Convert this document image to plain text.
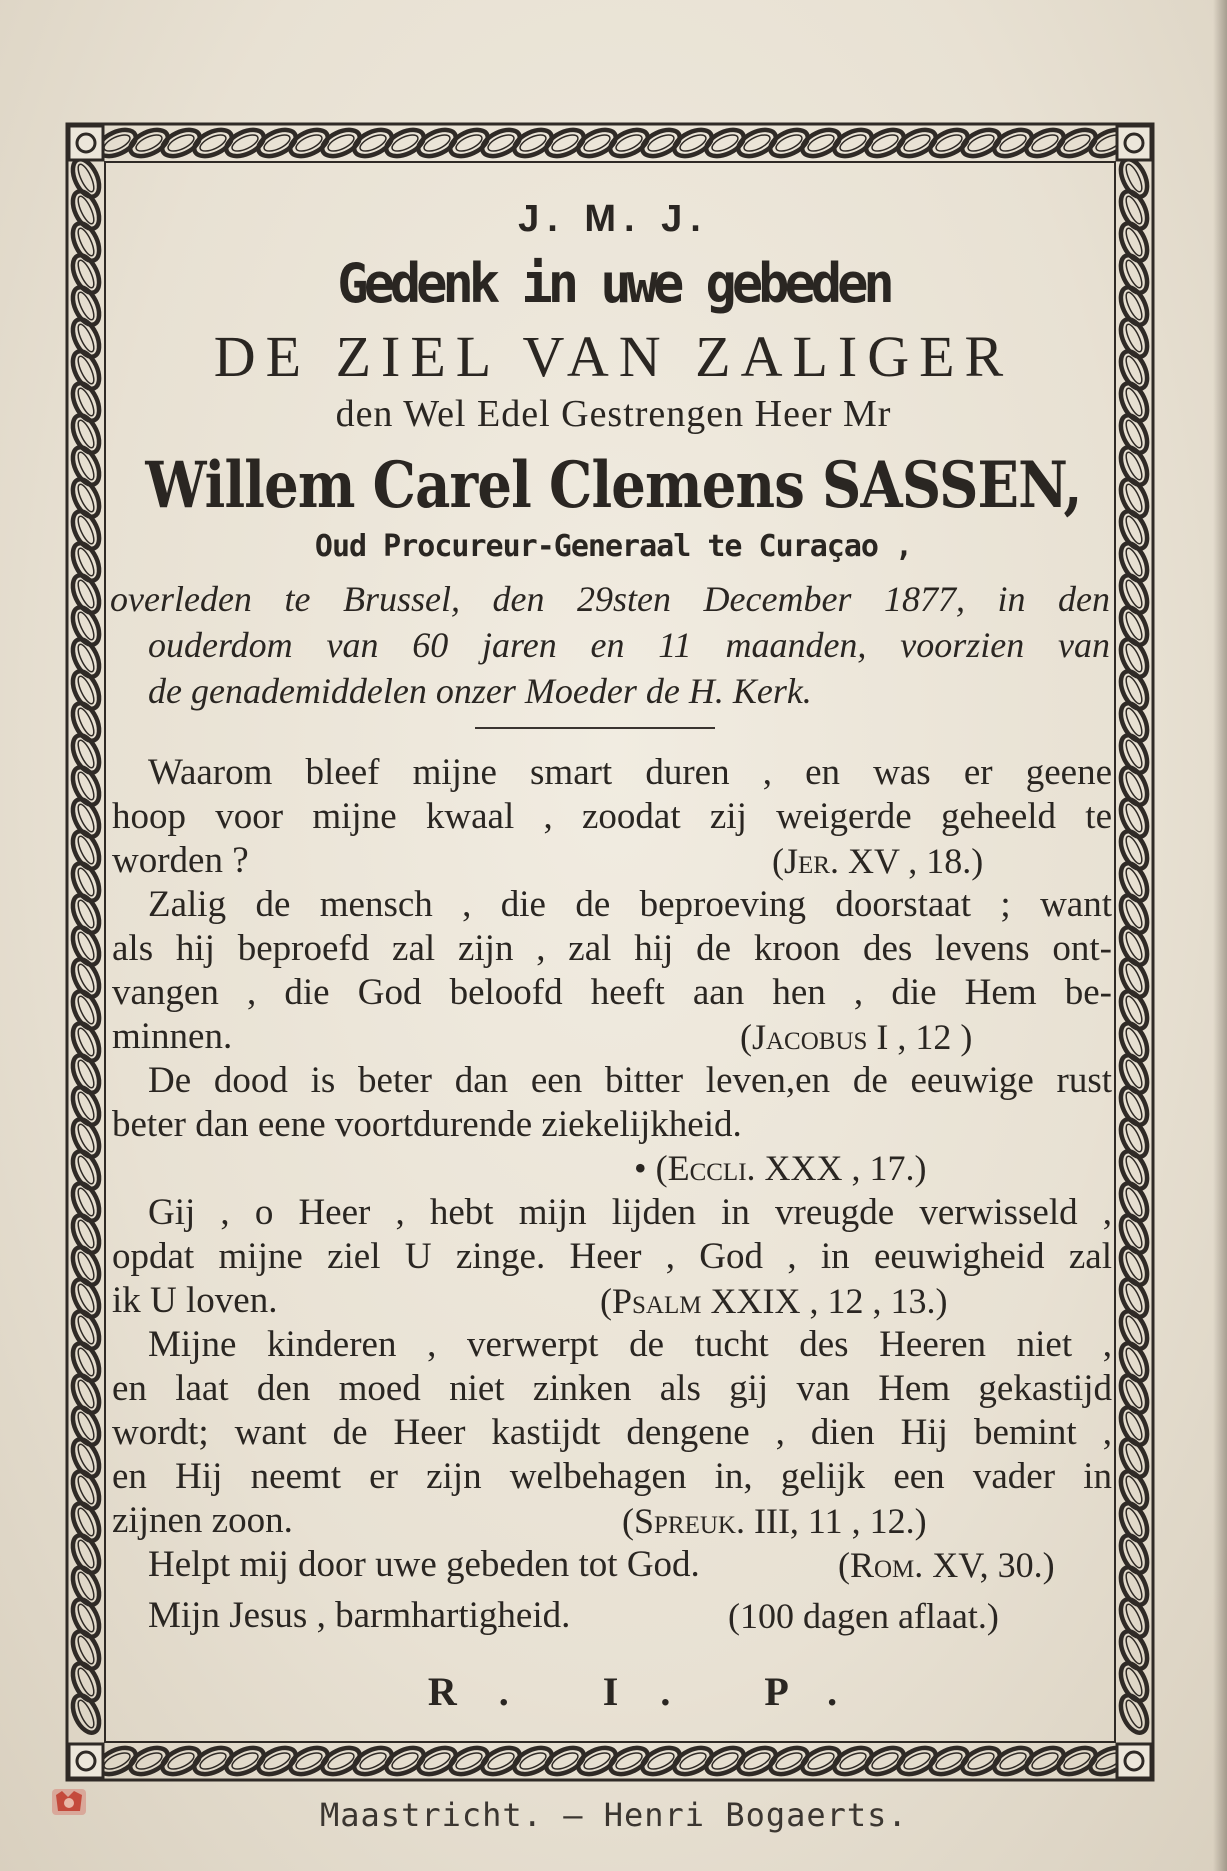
J. M. J.
Gedenk in uwe gebeden
DE ZIEL VAN ZALIGER
den Wel Edel Gestrengen Heer Mr
Willem Carel Clemens SASSEN,
Oud Procureur-Generaal te Curaçao ,
overleden te Brussel, den 29sten December 1877, in den
ouderdom van 60 jaren en 11 maanden, voorzien van
de genademiddelen onzer Moeder de H. Kerk.
Waarom bleef mijne smart duren , en was er geene
hoop voor mijne kwaal , zoodat zij weigerde geheeld te
worden ?	(Jer. XV , 18.)
Zalig de mensch , die de beproeving doorstaat ; want
als hij beproefd zal zijn , zal hij de kroon des levens ont-
vangen , die God beloofd heeft aan hen , die Hem be-
minnen.	(Jacobus I , 12 )
De dood is beter dan een bitter leven,en de eeuwige rust
beter dan eene voortdurende ziekelijkheid.
• (Eccli. XXX , 17.)
Gij , o Heer , hebt mijn lijden in vreugde verwisseld ,
opdat mijne ziel U zinge. Heer , God , in eeuwigheid zal
ik U loven.	(Psalm XXIX , 12 , 13.)
Mijne kinderen , verwerpt de tucht des Heeren niet ,
en laat den moed niet zinken als gij van Hem gekastijd
wordt; want de Heer kastijdt dengene , dien Hij bemint ,
en Hij neemt er zijn welbehagen in, gelijk een vader in
zijnen zoon.	(Spreuk. III, 11 , 12.)
Helpt mij door uwe gebeden tot God.	(Rom. XV, 30.)
Mijn Jesus , barmhartigheid.	(100 dagen aflaat.)
R. I. P.
Maastricht. — Henri Bogaerts.
